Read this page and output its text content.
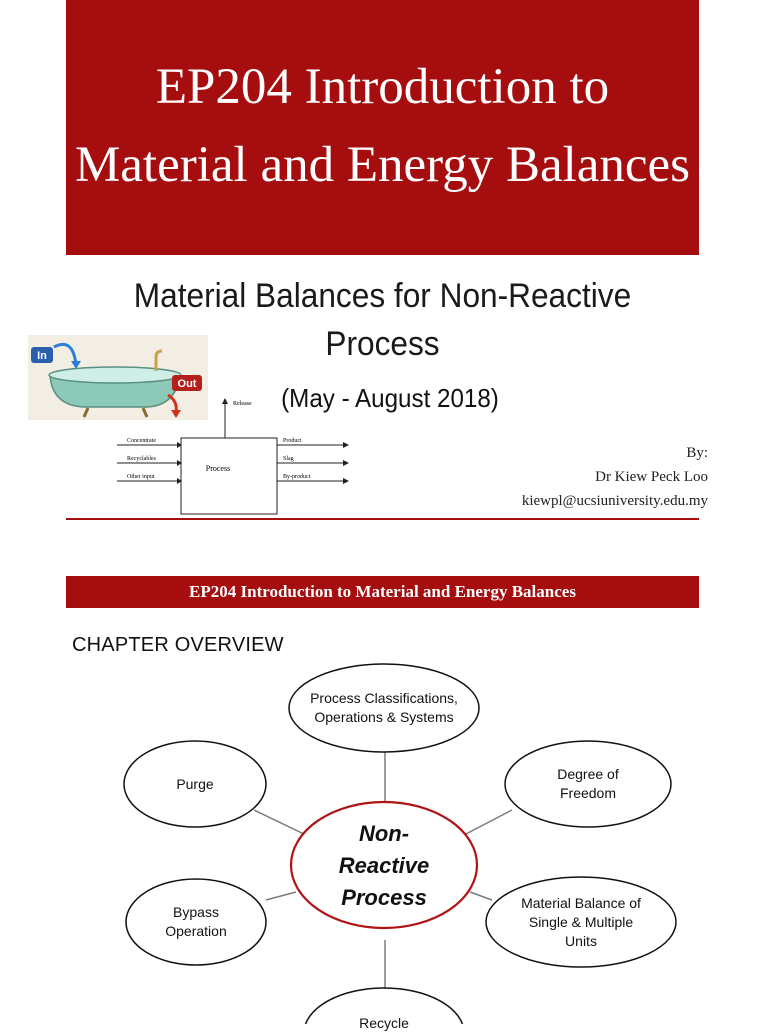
EP204 Introduction to Material and Energy Balances
Material Balances for Non-Reactive Process
(May - August 2018)
By:
Dr Kiew Peck Loo
kiewpl@ucsiuniversity.edu.my
In
Out
Process
Release
Concentrate
Recyclables
Other input
Product
Slag
By-product
EP204 Introduction to Material and Energy Balances
CHAPTER OVERVIEW
Process Classifications, Operations & Systems
Purge
Degree of Freedom
Bypass Operation
Material Balance of Single & Multiple Units
Recycle
Non-Reactive Process
